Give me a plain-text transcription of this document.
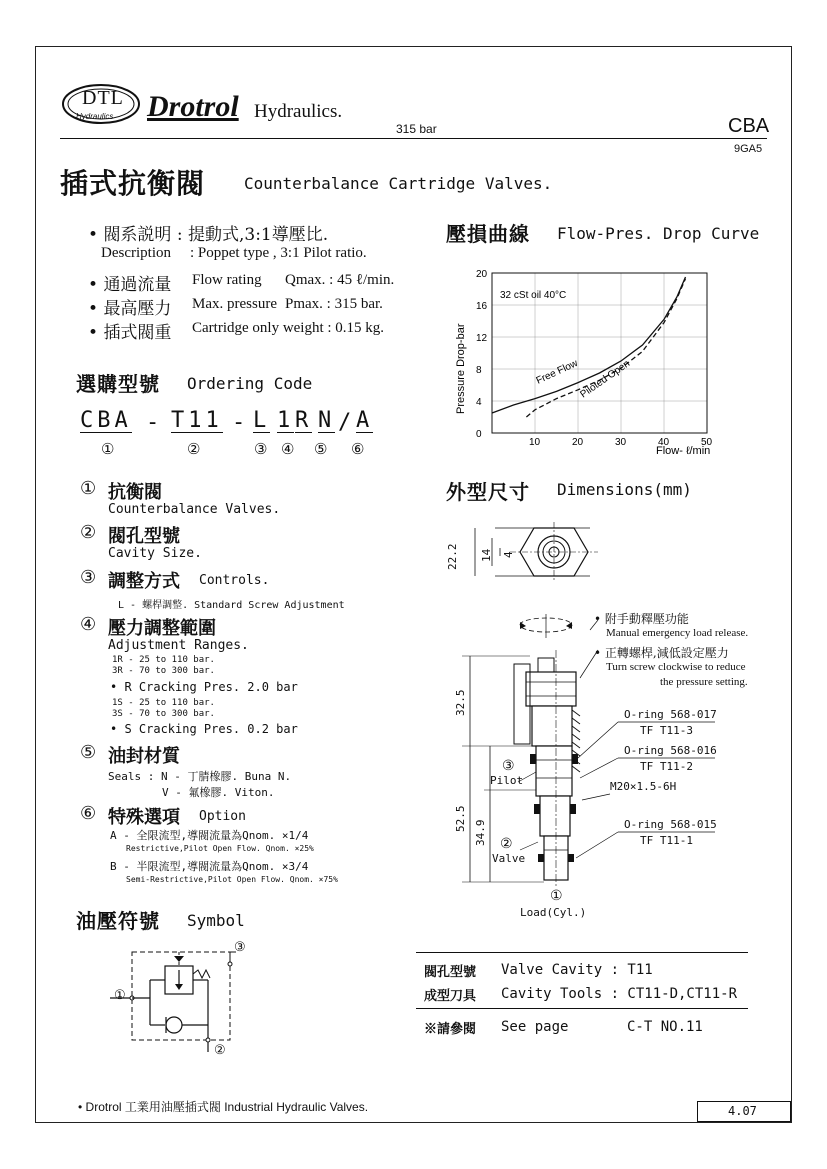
DTL
Hydraulics Drotrol Hydraulics.
315 bar	CBA
9GA5
插式抗衡閥 Counterbalance Cartridge Valves.
• 閥系説明 : 提動式,3:1導壓比.
Description : Poppet type , 3:1 Pilot ratio.
• 通過流量 Flow rating Qmax. : 45 ℓ/min.
• 最高壓力 Max. pressure Pmax. : 315 bar.
• 插式閥重 Cartridge only weight : 0.15 kg.
選購型號 Ordering Code
CBA - T11 - L 1 R N / A
①	②	③ ④ ⑤ ⑥
① 抗衡閥
Counterbalance Valves.
② 閥孔型號
Cavity Size.
③ 調整方式 Controls.
L - 螺桿調整. Standard Screw Adjustment
④ 壓力調整範圍
Adjustment Ranges.
1R - 25 to 110 bar.
3R - 70 to 300 bar.
• R Cracking Pres. 2.0 bar
1S - 25 to 110 bar.
3S - 70 to 300 bar.
• S Cracking Pres. 0.2 bar
⑤ 油封材質
Seals : N - 丁腈橡膠. Buna N.
V - 氟橡膠. Viton.
⑥ 特殊選項 Option
A - 全限流型,導閥流量為Qnom. ×1/4
Restrictive,Pilot Open Flow. Qnom. ×25%
B - 半限流型,導閥流量為Qnom. ×3/4
Semi-Restrictive,Pilot Open Flow. Qnom. ×75%
油壓符號 Symbol
①
②
③
壓損曲線 Flow-Pres. Drop Curve
10	20	30	40	50
0
4
8
12
16
20
32 cSt oil 40°C
Free Flow
Piloted Open
Pressure Drop-bar
Flow- ℓ/min
外型尺寸 Dimensions(mm)
22.2 14 4
32.5
52.5
34.9
• 附手動釋壓功能
Manual emergency load release.
• 正轉螺桿,減低設定壓力
Turn screw clockwise to reduce
the pressure setting.
O-ring 568-017
TF T11-3
O-ring 568-016
TF T11-2
M20×1.5-6H
O-ring 568-015
TF T11-1
③
Pilot
②
Valve
①
Load(Cyl.)
閥孔型號 Valve Cavity : T11
成型刀具 Cavity Tools : CT11-D,CT11-R
※請參閱 See page	C-T NO.11
• Drotrol 工業用油壓插式閥 Industrial Hydraulic Valves.	4.07
